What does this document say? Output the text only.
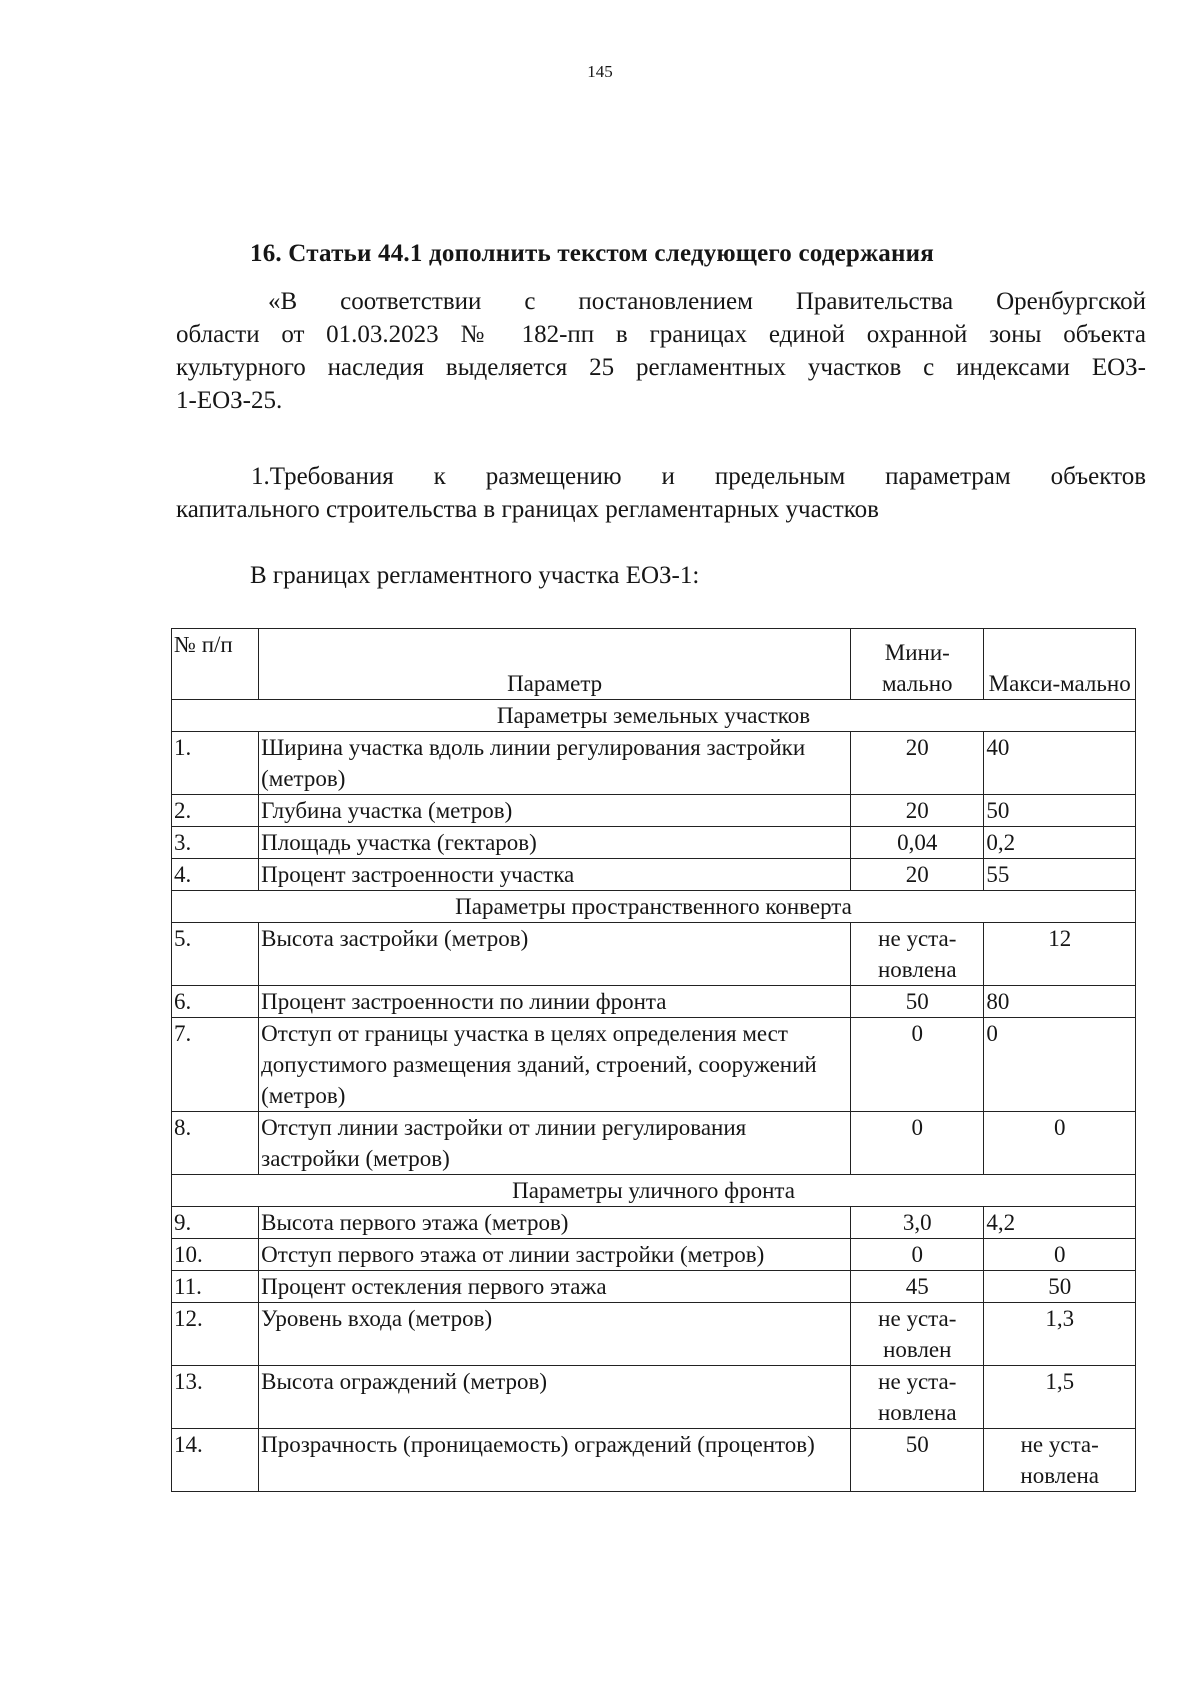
145
16. Статьи 44.1 дополнить текстом следующего содержания
«В соответствии с постановлением Правительства Оренбургской
области от 01.03.2023 № 182-пп в границах единой охранной зоны объекта
культурного наследия выделяется 25 регламентных участков с индексами ЕОЗ-
1-ЕОЗ-25.
1.Требования к размещению и предельным параметрам объектов
капитального строительства в границах регламентарных участков
В границах регламентного участка ЕОЗ-1:
№ п/п	Параметр	Мини-мально	Макси-мально
Параметры земельных участков			
1.	Ширина участка вдоль линии регулирования застройки (метров)	20	40
2.	Глубина участка (метров)	20	50
3.	Площадь участка (гектаров)	0,04	0,2
4.	Процент застроенности участка	20	55
Параметры пространственного конверта			
5.	Высота застройки (метров)	не уста-новлена	12
6.	Процент застроенности по линии фронта	50	80
7.	Отступ от границы участка в целях определения мест допустимого размещения зданий, строений, сооружений (метров)	0	0
8.	Отступ линии застройки от линии регулирования застройки (метров)	0	0
Параметры уличного фронта			
9.	Высота первого этажа (метров)	3,0	4,2
10.	Отступ первого этажа от линии застройки (метров)	0	0
11.	Процент остекления первого этажа	45	50
12.	Уровень входа (метров)	не уста-новлен	1,3
13.	Высота ограждений (метров)	не уста-новлена	1,5
14.	Прозрачность (проницаемость) ограждений (процентов)	50	не уста-новлена
